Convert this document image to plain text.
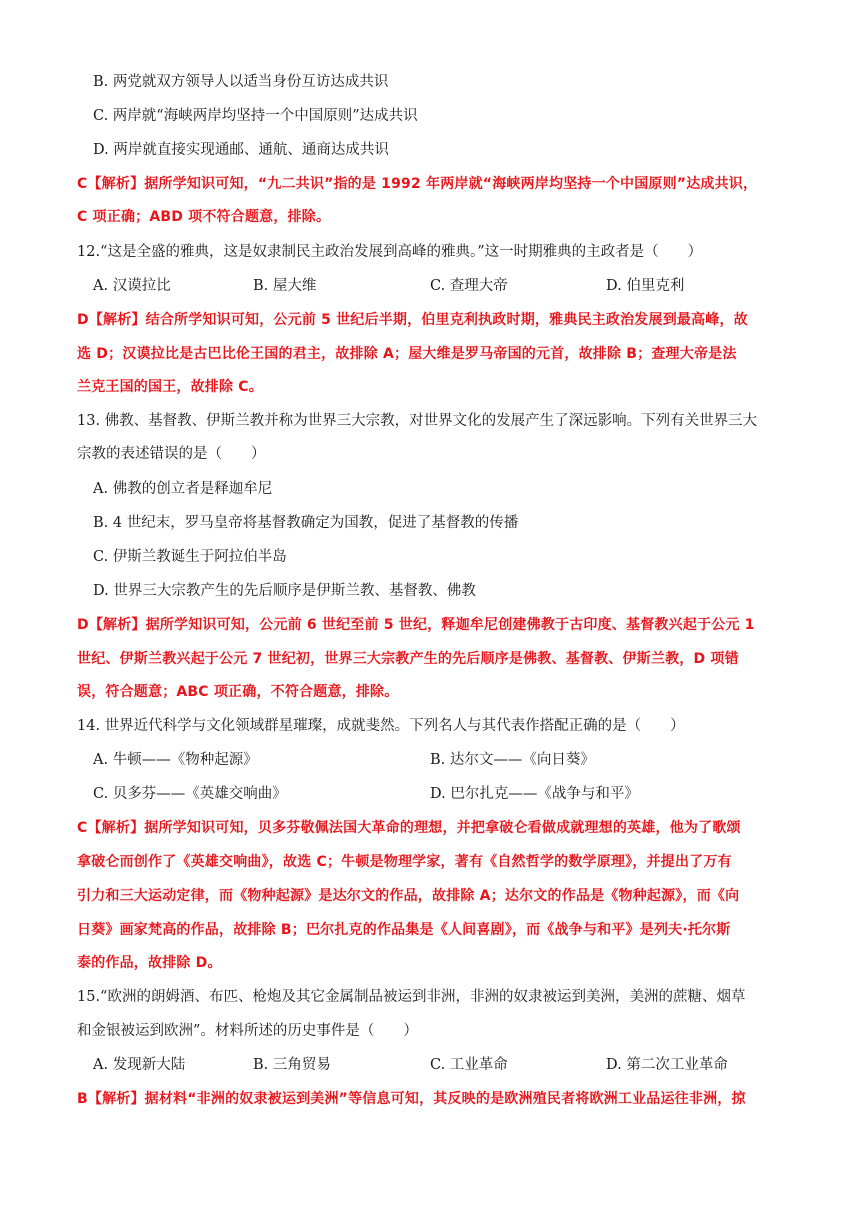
B. 两党就双方领导人以适当身份互访达成共识
C. 两岸就“海峡两岸均坚持一个中国原则”达成共识
D. 两岸就直接实现通邮、通航、通商达成共识
C【解析】据所学知识可知，“九二共识”指的是 1992 年两岸就“海峡两岸均坚持一个中国原则”达成共识，
C 项正确；ABD 项不符合题意，排除。
12.“这是全盛的雅典，这是奴隶制民主政治发展到高峰的雅典。”这一时期雅典的主政者是（　　）
A. 汉谟拉比	B. 屋大维	C. 查理大帝	D. 伯里克利
D【解析】结合所学知识可知，公元前 5 世纪后半期，伯里克利执政时期，雅典民主政治发展到最高峰，故
选 D；汉谟拉比是古巴比伦王国的君主，故排除 A；屋大维是罗马帝国的元首，故排除 B；查理大帝是法
兰克王国的国王，故排除 C。
13. 佛教、基督教、伊斯兰教并称为世界三大宗教，对世界文化的发展产生了深远影响。下列有关世界三大
宗教的表述错误的是（　　）
A. 佛教的创立者是释迦牟尼
B. 4 世纪末，罗马皇帝将基督教确定为国教，促进了基督教的传播
C. 伊斯兰教诞生于阿拉伯半岛
D. 世界三大宗教产生的先后顺序是伊斯兰教、基督教、佛教
D【解析】据所学知识可知，公元前 6 世纪至前 5 世纪，释迦牟尼创建佛教于古印度、基督教兴起于公元 1
世纪、伊斯兰教兴起于公元 7 世纪初，世界三大宗教产生的先后顺序是佛教、基督教、伊斯兰教，D 项错
误，符合题意；ABC 项正确，不符合题意，排除。
14. 世界近代科学与文化领域群星璀璨，成就斐然。下列名人与其代表作搭配正确的是（　　）
A. 牛顿——《物种起源》	B. 达尔文——《向日葵》
C. 贝多芬——《英雄交响曲》	D. 巴尔扎克——《战争与和平》
C【解析】据所学知识可知，贝多芬敬佩法国大革命的理想，并把拿破仑看做成就理想的英雄，他为了歌颂
拿破仑而创作了《英雄交响曲》，故选 C；牛顿是物理学家，著有《自然哲学的数学原理》，并提出了万有
引力和三大运动定律，而《物种起源》是达尔文的作品，故排除 A；达尔文的作品是《物种起源》，而《向
日葵》画家梵高的作品，故排除 B；巴尔扎克的作品集是《人间喜剧》，而《战争与和平》是列夫·托尔斯
泰的作品，故排除 D。
15.“欧洲的朗姆酒、布匹、枪炮及其它金属制品被运到非洲，非洲的奴隶被运到美洲，美洲的蔗糖、烟草
和金银被运到欧洲”。材料所述的历史事件是（　　）
A. 发现新大陆	B. 三角贸易	C. 工业革命	D. 第二次工业革命
B【解析】据材料“非洲的奴隶被运到美洲”等信息可知，其反映的是欧洲殖民者将欧洲工业品运往非洲，掠
